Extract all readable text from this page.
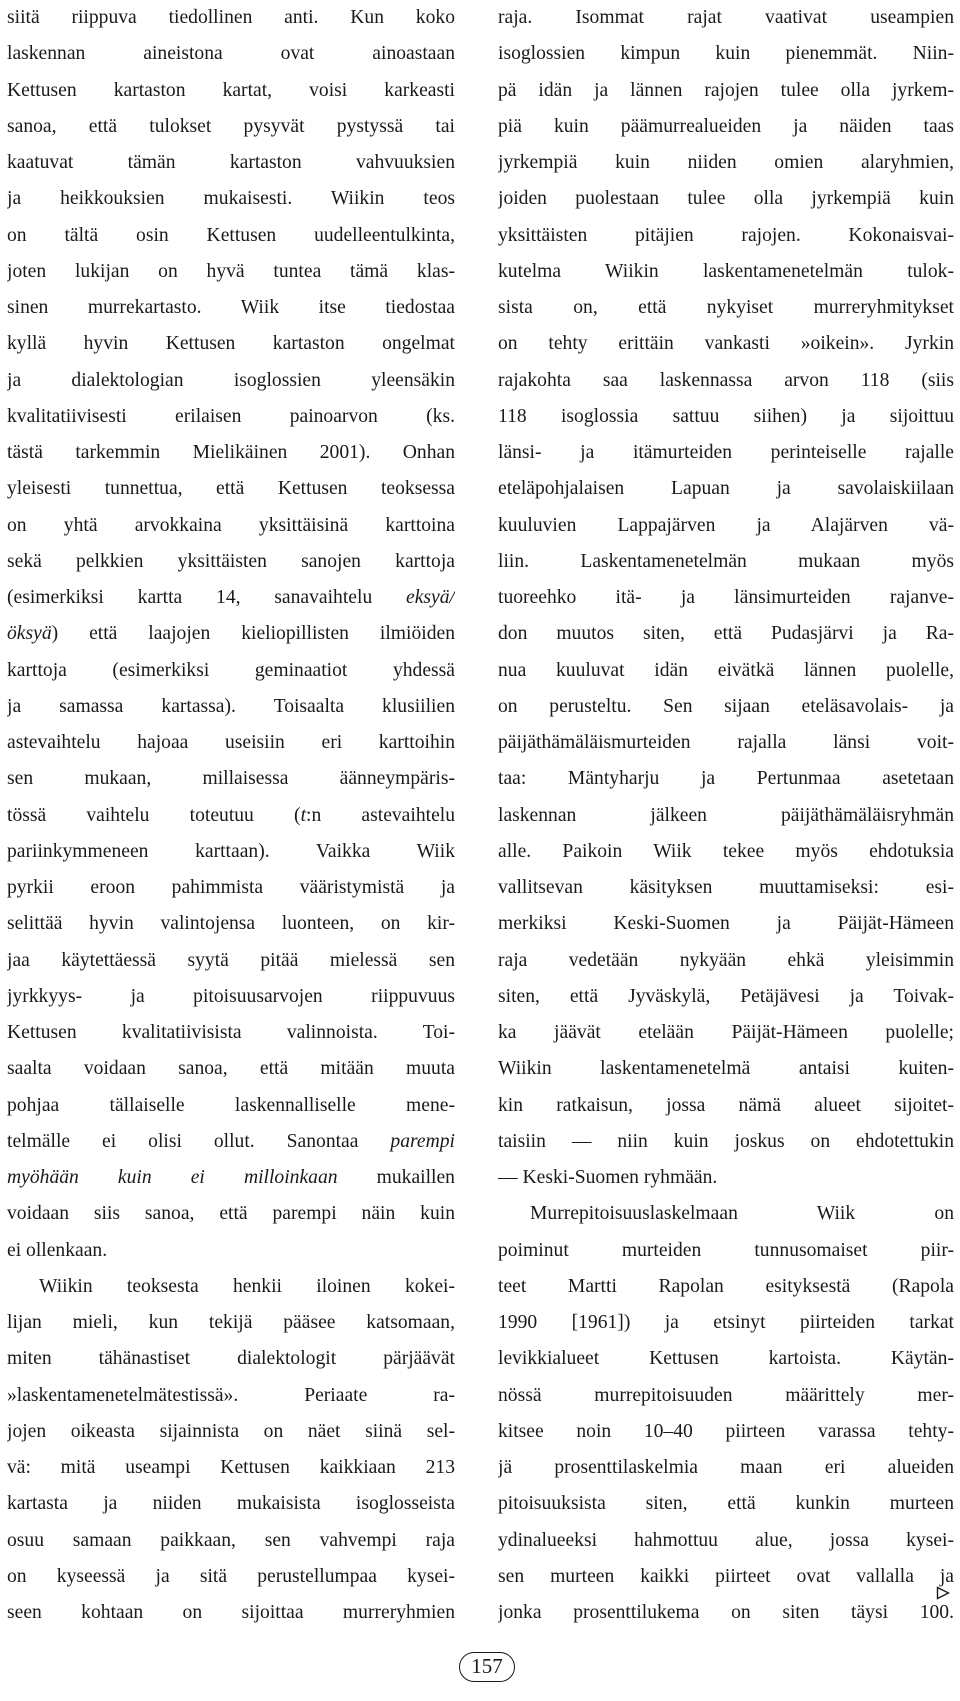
siitä riippuva tiedollinen anti. Kun koko
laskennan aineistona ovat ainoastaan
Kettusen kartaston kartat, voisi karkeasti
sanoa, että tulokset pysyvät pystyssä tai
kaatuvat tämän kartaston vahvuuksien
ja heikkouksien mukaisesti. Wiikin teos
on tältä osin Kettusen uudelleentulkinta,
joten lukijan on hyvä tuntea tämä klas-
sinen murrekartasto. Wiik itse tiedostaa
kyllä hyvin Kettusen kartaston ongelmat
ja dialektologian isoglossien yleensäkin
kvalitatiivisesti erilaisen painoarvon (ks.
tästä tarkemmin Mielikäinen 2001). Onhan
yleisesti tunnettua, että Kettusen teoksessa
on yhtä arvokkaina yksittäisinä karttoina
sekä pelkkien yksittäisten sanojen karttoja
(esimerkiksi kartta 14, sanavaihtelu eksyä/
öksyä) että laajojen kieliopillisten ilmiöiden
karttoja (esimerkiksi geminaatiot yhdessä
ja samassa kartassa). Toisaalta klusiilien
astevaihtelu hajoaa useisiin eri karttoihin
sen mukaan, millaisessa äänneympäris-
tössä vaihtelu toteutuu (t:n astevaihtelu
pariinkymmeneen karttaan). Vaikka Wiik
pyrkii eroon pahimmista vääristymistä ja
selittää hyvin valintojensa luonteen, on kir-
jaa käytettäessä syytä pitää mielessä sen
jyrkkyys- ja pitoisuusarvojen riippuvuus
Kettusen kvalitatiivisista valinnoista. Toi-
saalta voidaan sanoa, että mitään muuta
pohjaa tällaiselle laskennalliselle mene-
telmälle ei olisi ollut. Sanontaa parempi
myöhään kuin ei milloinkaan mukaillen
voidaan siis sanoa, että parempi näin kuin
ei ollenkaan.
Wiikin teoksesta henkii iloinen kokei-
lijan mieli, kun tekijä pääsee katsomaan,
miten tähänastiset dialektologit pärjäävät
»laskentamenetelmätestissä». Periaate ra-
jojen oikeasta sijainnista on näet siinä sel-
vä: mitä useampi Kettusen kaikkiaan 213
kartasta ja niiden mukaisista isoglosseista
osuu samaan paikkaan, sen vahvempi raja
on kyseessä ja sitä perustellumpaa kysei-
seen kohtaan on sijoittaa murreryhmien
raja. Isommat rajat vaativat useampien
isoglossien kimpun kuin pienemmät. Niin-
pä idän ja lännen rajojen tulee olla jyrkem-
piä kuin päämurrealueiden ja näiden taas
jyrkempiä kuin niiden omien alaryhmien,
joiden puolestaan tulee olla jyrkempiä kuin
yksittäisten pitäjien rajojen. Kokonaisvai-
kutelma Wiikin laskentamenetelmän tulok-
sista on, että nykyiset murreryhmitykset
on tehty erittäin vankasti »oikein». Jyrkin
rajakohta saa laskennassa arvon 118 (siis
118 isoglossia sattuu siihen) ja sijoittuu
länsi- ja itämurteiden perinteiselle rajalle
eteläpohjalaisen Lapuan ja savolaiskiilaan
kuuluvien Lappajärven ja Alajärven vä-
liin. Laskentamenetelmän mukaan myös
tuoreehko itä- ja länsimurteiden rajanve-
don muutos siten, että Pudasjärvi ja Ra-
nua kuuluvat idän eivätkä lännen puolelle,
on perusteltu. Sen sijaan eteläsavolais- ja
päijäthämäläismurteiden rajalla länsi voit-
taa: Mäntyharju ja Pertunmaa asetetaan
laskennan jälkeen päijäthämäläisryhmän
alle. Paikoin Wiik tekee myös ehdotuksia
vallitsevan käsityksen muuttamiseksi: esi-
merkiksi Keski-Suomen ja Päijät-Hämeen
raja vedetään nykyään ehkä yleisimmin
siten, että Jyväskylä, Petäjävesi ja Toivak-
ka jäävät etelään Päijät-Hämeen puolelle;
Wiikin laskentamenetelmä antaisi kuiten-
kin ratkaisun, jossa nämä alueet sijoitet-
taisiin — niin kuin joskus on ehdotettukin
— Keski-Suomen ryhmään.
Murrepitoisuuslaskelmaan Wiik on
poiminut murteiden tunnusomaiset piir-
teet Martti Rapolan esityksestä (Rapola
1990 [1961]) ja etsinyt piirteiden tarkat
levikkialueet Kettusen kartoista. Käytän-
nössä murrepitoisuuden määrittely mer-
kitsee noin 10–40 piirteen varassa tehty-
jä prosenttilaskelmia maan eri alueiden
pitoisuuksista siten, että kunkin murteen
ydinalueeksi hahmottuu alue, jossa kysei-
sen murteen kaikki piirteet ovat vallalla ja
jonka prosenttilukema on siten täysi 100.
157
